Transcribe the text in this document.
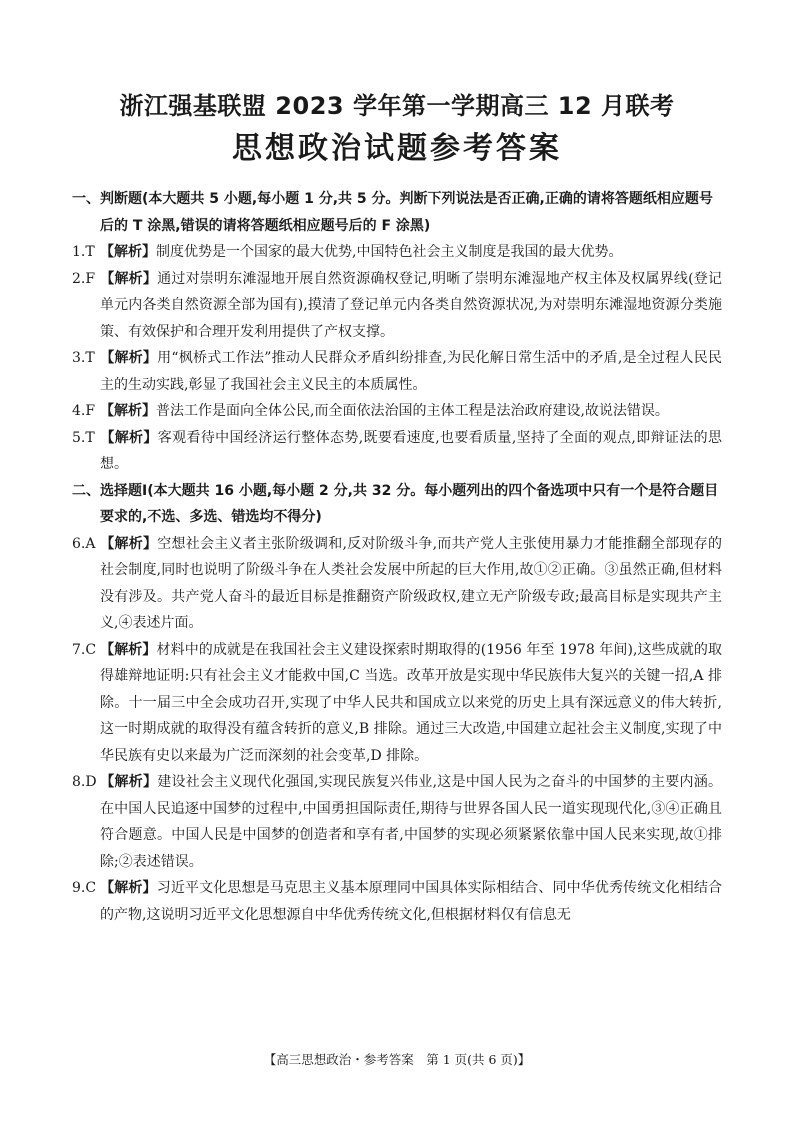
浙江强基联盟 2023 学年第一学期高三 12 月联考
思想政治试题参考答案

一、判断题(本大题共 5 小题,每小题 1 分,共 5 分。判断下列说法是否正确,正确的请将答题纸相应题号后的 T 涂黑,错误的请将答题纸相应题号后的 F 涂黑)

1.T 【解析】制度优势是一个国家的最大优势,中国特色社会主义制度是我国的最大优势。

2.F 【解析】通过对崇明东滩湿地开展自然资源确权登记,明晰了崇明东滩湿地产权主体及权属界线(登记单元内各类自然资源全部为国有),摸清了登记单元内各类自然资源状况,为对崇明东滩湿地资源分类施策、有效保护和合理开发利用提供了产权支撑。

3.T 【解析】用“枫桥式工作法”推动人民群众矛盾纠纷排查,为民化解日常生活中的矛盾,是全过程人民民主的生动实践,彰显了我国社会主义民主的本质属性。

4.F 【解析】普法工作是面向全体公民,而全面依法治国的主体工程是法治政府建设,故说法错误。

5.T 【解析】客观看待中国经济运行整体态势,既要看速度,也要看质量,坚持了全面的观点,即辩证法的思想。

二、选择题Ⅰ(本大题共 16 小题,每小题 2 分,共 32 分。每小题列出的四个备选项中只有一个是符合题目要求的,不选、多选、错选均不得分)

6.A 【解析】空想社会主义者主张阶级调和,反对阶级斗争,而共产党人主张使用暴力才能推翻全部现存的社会制度,同时也说明了阶级斗争在人类社会发展中所起的巨大作用,故①②正确。③虽然正确,但材料没有涉及。共产党人奋斗的最近目标是推翻资产阶级政权,建立无产阶级专政;最高目标是实现共产主义,④表述片面。

7.C 【解析】材料中的成就是在我国社会主义建设探索时期取得的(1956 年至 1978 年间),这些成就的取得雄辩地证明:只有社会主义才能救中国,C 当选。改革开放是实现中华民族伟大复兴的关键一招,A 排除。十一届三中全会成功召开,实现了中华人民共和国成立以来党的历史上具有深远意义的伟大转折,这一时期成就的取得没有蕴含转折的意义,B 排除。通过三大改造,中国建立起社会主义制度,实现了中华民族有史以来最为广泛而深刻的社会变革,D 排除。

8.D 【解析】建设社会主义现代化强国,实现民族复兴伟业,这是中国人民为之奋斗的中国梦的主要内涵。在中国人民追逐中国梦的过程中,中国勇担国际责任,期待与世界各国人民一道实现现代化,③④正确且符合题意。中国人民是中国梦的创造者和享有者,中国梦的实现必须紧紧依靠中国人民来实现,故①排除;②表述错误。

9.C 【解析】习近平文化思想是马克思主义基本原理同中国具体实际相结合、同中华优秀传统文化相结合的产物,这说明习近平文化思想源自中华优秀传统文化,但根据材料仅有信息无

【高三思想政治・参考答案　第 1 页(共 6 页)】
